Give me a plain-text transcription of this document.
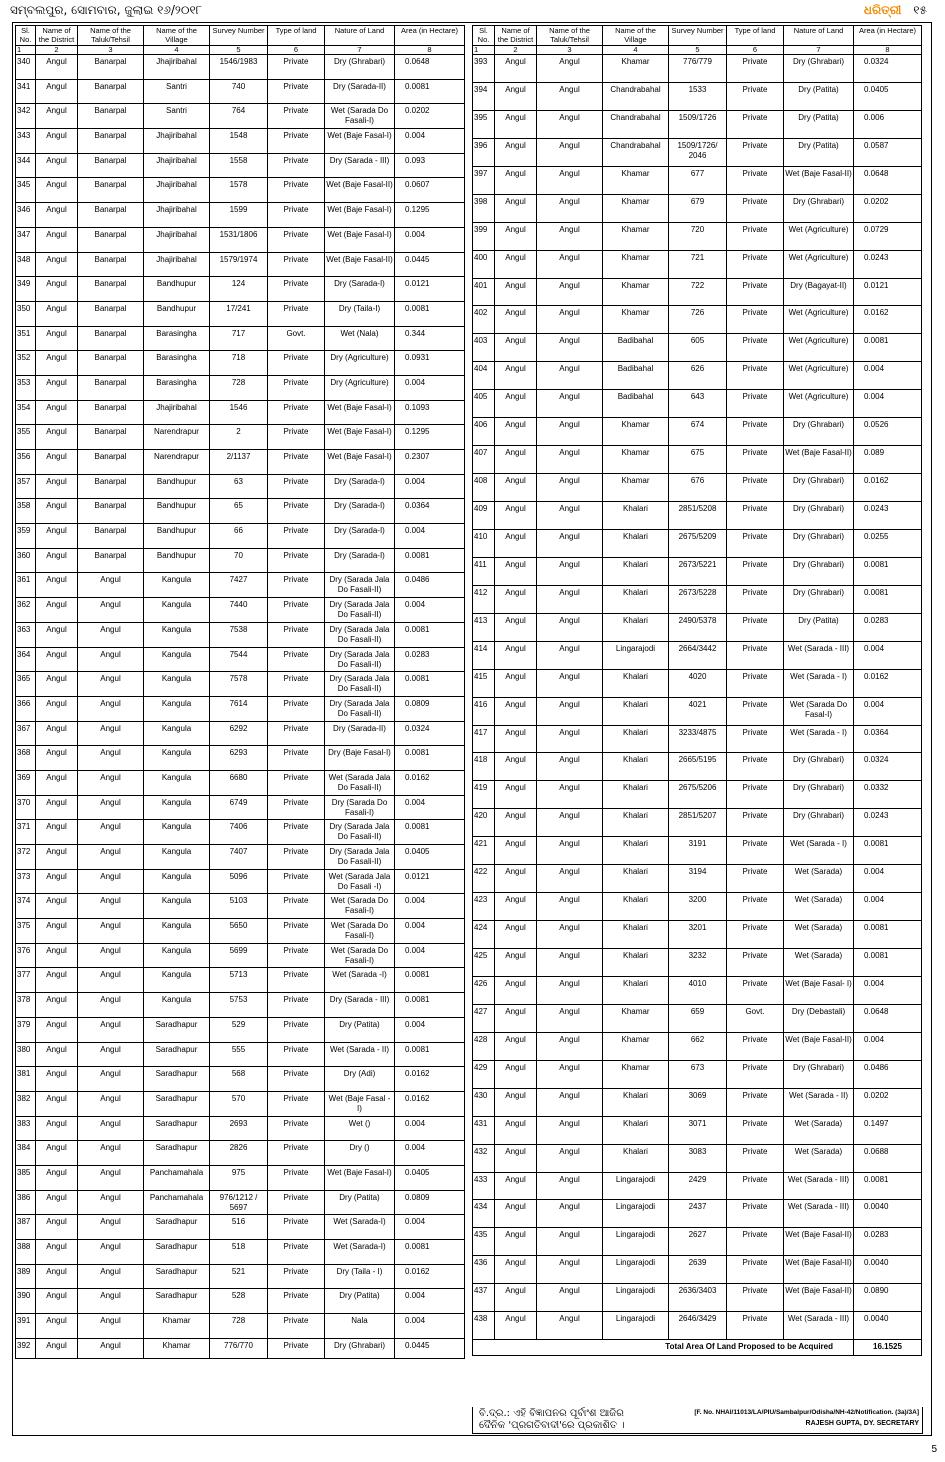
ସମ୍ବଲପୁର, ସୋମବାର, ଜୁଲାଇ ୧୬/୨୦୧୮	ଧରିତ୍ରୀ ୧୫
Sl. No.	Name of the District	Name of the Taluk/Tehsil	Name of the Village	Survey Number	Type of land	Nature of Land	Area (in Hectare)
1	2	3	4	5	6	7	8
340	Angul	Banarpal	Jhajiribahal	1546/1983	Private	Dry (Ghrabari)	0.0648
341	Angul	Banarpal	Santri	740	Private	Dry (Sarada-II)	0.0081
342	Angul	Banarpal	Santri	764	Private	Wet (Sarada Do Fasali-I)	0.0202
343	Angul	Banarpal	Jhajiribahal	1548	Private	Wet (Baje Fasal-I)	0.004
344	Angul	Banarpal	Jhajiribahal	1558	Private	Dry (Sarada - III)	0.093
345	Angul	Banarpal	Jhajiribahal	1578	Private	Wet (Baje Fasal-II)	0.0607
346	Angul	Banarpal	Jhajiribahal	1599	Private	Wet (Baje Fasal-I)	0.1295
347	Angul	Banarpal	Jhajiribahal	1531/1806	Private	Wet (Baje Fasal-I)	0.004
348	Angul	Banarpal	Jhajiribahal	1579/1974	Private	Wet (Baje Fasal-II)	0.0445
349	Angul	Banarpal	Bandhupur	124	Private	Dry (Sarada-I)	0.0121
350	Angul	Banarpal	Bandhupur	17/241	Private	Dry (Taila-I)	0.0081
351	Angul	Banarpal	Barasingha	717	Govt.	Wet (Nala)	0.344
352	Angul	Banarpal	Barasingha	718	Private	Dry (Agriculture)	0.0931
353	Angul	Banarpal	Barasingha	728	Private	Dry (Agriculture)	0.004
354	Angul	Banarpal	Jhajiribahal	1546	Private	Wet (Baje Fasal-I)	0.1093
355	Angul	Banarpal	Narendrapur	2	Private	Wet (Baje Fasal-I)	0.1295
356	Angul	Banarpal	Narendrapur	2/1137	Private	Wet (Baje Fasal-I)	0.2307
357	Angul	Banarpal	Bandhupur	63	Private	Dry (Sarada-I)	0.004
358	Angul	Banarpal	Bandhupur	65	Private	Dry (Sarada-I)	0.0364
359	Angul	Banarpal	Bandhupur	66	Private	Dry (Sarada-I)	0.004
360	Angul	Banarpal	Bandhupur	70	Private	Dry (Sarada-I)	0.0081
361	Angul	Angul	Kangula	7427	Private	Dry (Sarada Jala Do Fasali-II)	0.0486
362	Angul	Angul	Kangula	7440	Private	Dry (Sarada Jala Do Fasali-II)	0.004
363	Angul	Angul	Kangula	7538	Private	Dry (Sarada Jala Do Fasali-II)	0.0081
364	Angul	Angul	Kangula	7544	Private	Dry (Sarada Jala Do Fasali-II)	0.0283
365	Angul	Angul	Kangula	7578	Private	Dry (Sarada Jala Do Fasali-II)	0.0081
366	Angul	Angul	Kangula	7614	Private	Dry (Sarada Jala Do Fasali-II)	0.0809
367	Angul	Angul	Kangula	6292	Private	Dry (Sarada-II)	0.0324
368	Angul	Angul	Kangula	6293	Private	Dry (Baje Fasal-I)	0.0081
369	Angul	Angul	Kangula	6680	Private	Wet (Sarada Jala Do Fasali-II)	0.0162
370	Angul	Angul	Kangula	6749	Private	Dry (Sarada Do Fasali-I)	0.004
371	Angul	Angul	Kangula	7406	Private	Dry (Sarada Jala Do Fasali-II)	0.0081
372	Angul	Angul	Kangula	7407	Private	Dry (Sarada Jala Do Fasali-II)	0.0405
373	Angul	Angul	Kangula	5096	Private	Wet (Sarada Jala Do Fasali -I)	0.0121
374	Angul	Angul	Kangula	5103	Private	Wet (Sarada Do Fasali-I)	0.004
375	Angul	Angul	Kangula	5650	Private	Wet (Sarada Do Fasali-I)	0.004
376	Angul	Angul	Kangula	5699	Private	Wet (Sarada Do Fasali-I)	0.004
377	Angul	Angul	Kangula	5713	Private	Wet (Sarada -I)	0.0081
378	Angul	Angul	Kangula	5753	Private	Dry (Sarada - III)	0.0081
379	Angul	Angul	Saradhapur	529	Private	Dry (Patita)	0.004
380	Angul	Angul	Saradhapur	555	Private	Wet (Sarada - II)	0.0081
381	Angul	Angul	Saradhapur	568	Private	Dry (Adi)	0.0162
382	Angul	Angul	Saradhapur	570	Private	Wet (Baje Fasal - I)	0.0162
383	Angul	Angul	Saradhapur	2693	Private	Wet ()	0.004
384	Angul	Angul	Saradhapur	2826	Private	Dry ()	0.004
385	Angul	Angul	Panchamahala	975	Private	Wet (Baje Fasal-I)	0.0405
386	Angul	Angul	Panchamahala	976/1212 / 5697	Private	Dry (Patita)	0.0809
387	Angul	Angul	Saradhapur	516	Private	Wet (Sarada-I)	0.004
388	Angul	Angul	Saradhapur	518	Private	Wet (Sarada-I)	0.0081
389	Angul	Angul	Saradhapur	521	Private	Dry (Taila - I)	0.0162
390	Angul	Angul	Saradhapur	528	Private	Dry (Patita)	0.004
391	Angul	Angul	Khamar	728	Private	Nala	0.004
392	Angul	Angul	Khamar	776/770	Private	Dry (Ghrabari)	0.0445
Sl. No.	Name of the District	Name of the Taluk/Tehsil	Name of the Village	Survey Number	Type of land	Nature of Land	Area (in Hectare)
1	2	3	4	5	6	7	8
393	Angul	Angul	Khamar	776/779	Private	Dry (Ghrabari)	0.0324
394	Angul	Angul	Chandrabahal	1533	Private	Dry (Patita)	0.0405
395	Angul	Angul	Chandrabahal	1509/1726	Private	Dry (Patita)	0.006
396	Angul	Angul	Chandrabahal	1509/1726/ 2046	Private	Dry (Patita)	0.0587
397	Angul	Angul	Khamar	677	Private	Wet (Baje Fasal-II)	0.0648
398	Angul	Angul	Khamar	679	Private	Dry (Ghrabari)	0.0202
399	Angul	Angul	Khamar	720	Private	Wet (Agriculture)	0.0729
400	Angul	Angul	Khamar	721	Private	Wet (Agriculture)	0.0243
401	Angul	Angul	Khamar	722	Private	Dry (Bagayat-II)	0.0121
402	Angul	Angul	Khamar	726	Private	Wet (Agriculture)	0.0162
403	Angul	Angul	Badibahal	605	Private	Wet (Agriculture)	0.0081
404	Angul	Angul	Badibahal	626	Private	Wet (Agriculture)	0.004
405	Angul	Angul	Badibahal	643	Private	Wet (Agriculture)	0.004
406	Angul	Angul	Khamar	674	Private	Dry (Ghrabari)	0.0526
407	Angul	Angul	Khamar	675	Private	Wet (Baje Fasal-II)	0.089
408	Angul	Angul	Khamar	676	Private	Dry (Ghrabari)	0.0162
409	Angul	Angul	Khalari	2851/5208	Private	Dry (Ghrabari)	0.0243
410	Angul	Angul	Khalari	2675/5209	Private	Dry (Ghrabari)	0.0255
411	Angul	Angul	Khalari	2673/5221	Private	Dry (Ghrabari)	0.0081
412	Angul	Angul	Khalari	2673/5228	Private	Dry (Ghrabari)	0.0081
413	Angul	Angul	Khalari	2490/5378	Private	Dry (Patita)	0.0283
414	Angul	Angul	Lingarajodi	2664/3442	Private	Wet (Sarada - III)	0.004
415	Angul	Angul	Khalari	4020	Private	Wet (Sarada - I)	0.0162
416	Angul	Angul	Khalari	4021	Private	Wet (Sarada Do Fasal-I)	0.004
417	Angul	Angul	Khalari	3233/4875	Private	Wet (Sarada - I)	0.0364
418	Angul	Angul	Khalari	2665/5195	Private	Dry (Ghrabari)	0.0324
419	Angul	Angul	Khalari	2675/5206	Private	Dry (Ghrabari)	0.0332
420	Angul	Angul	Khalari	2851/5207	Private	Dry (Ghrabari)	0.0243
421	Angul	Angul	Khalari	3191	Private	Wet (Sarada - I)	0.0081
422	Angul	Angul	Khalari	3194	Private	Wet (Sarada)	0.004
423	Angul	Angul	Khalari	3200	Private	Wet (Sarada)	0.004
424	Angul	Angul	Khalari	3201	Private	Wet (Sarada)	0.0081
425	Angul	Angul	Khalari	3232	Private	Wet (Sarada)	0.0081
426	Angul	Angul	Khalari	4010	Private	Wet (Baje Fasal- I)	0.004
427	Angul	Angul	Khamar	659	Govt.	Dry (Debastali)	0.0648
428	Angul	Angul	Khamar	662	Private	Wet (Baje Fasal-II)	0.004
429	Angul	Angul	Khamar	673	Private	Dry (Ghrabari)	0.0486
430	Angul	Angul	Khalari	3069	Private	Wet (Sarada - II)	0.0202
431	Angul	Angul	Khalari	3071	Private	Wet (Sarada)	0.1497
432	Angul	Angul	Khalari	3083	Private	Wet (Sarada)	0.0688
433	Angul	Angul	Lingarajodi	2429	Private	Wet (Sarada - III)	0.0081
434	Angul	Angul	Lingarajodi	2437	Private	Wet (Sarada - III)	0.0040
435	Angul	Angul	Lingarajodi	2627	Private	Wet (Baje Fasal-II)	0.0283
436	Angul	Angul	Lingarajodi	2639	Private	Wet (Baje Fasal-II)	0.0040
437	Angul	Angul	Lingarajodi	2636/3403	Private	Wet (Baje Fasal-II)	0.0890
438	Angul	Angul	Lingarajodi	2646/3429	Private	Wet (Sarada - III)	0.0040
Total Area Of Land Proposed to be Acquired							16.1525
ବି.ଦ୍ର.: ଏହି ବିଜ୍ଞାପନର ପୂର୍ବାଂଶ ଆଜିର
ଦୈନିକ 'ପ୍ରଗତିବାଦୀ'ରେ ପ୍ରକାଶିତ ।
[F. No. NHAI/11013/LA/PIU/Sambalpur/Odisha/NH-42/Notification. (3a)/3A]
RAJESH GUPTA, DY. SECRETARY
5
